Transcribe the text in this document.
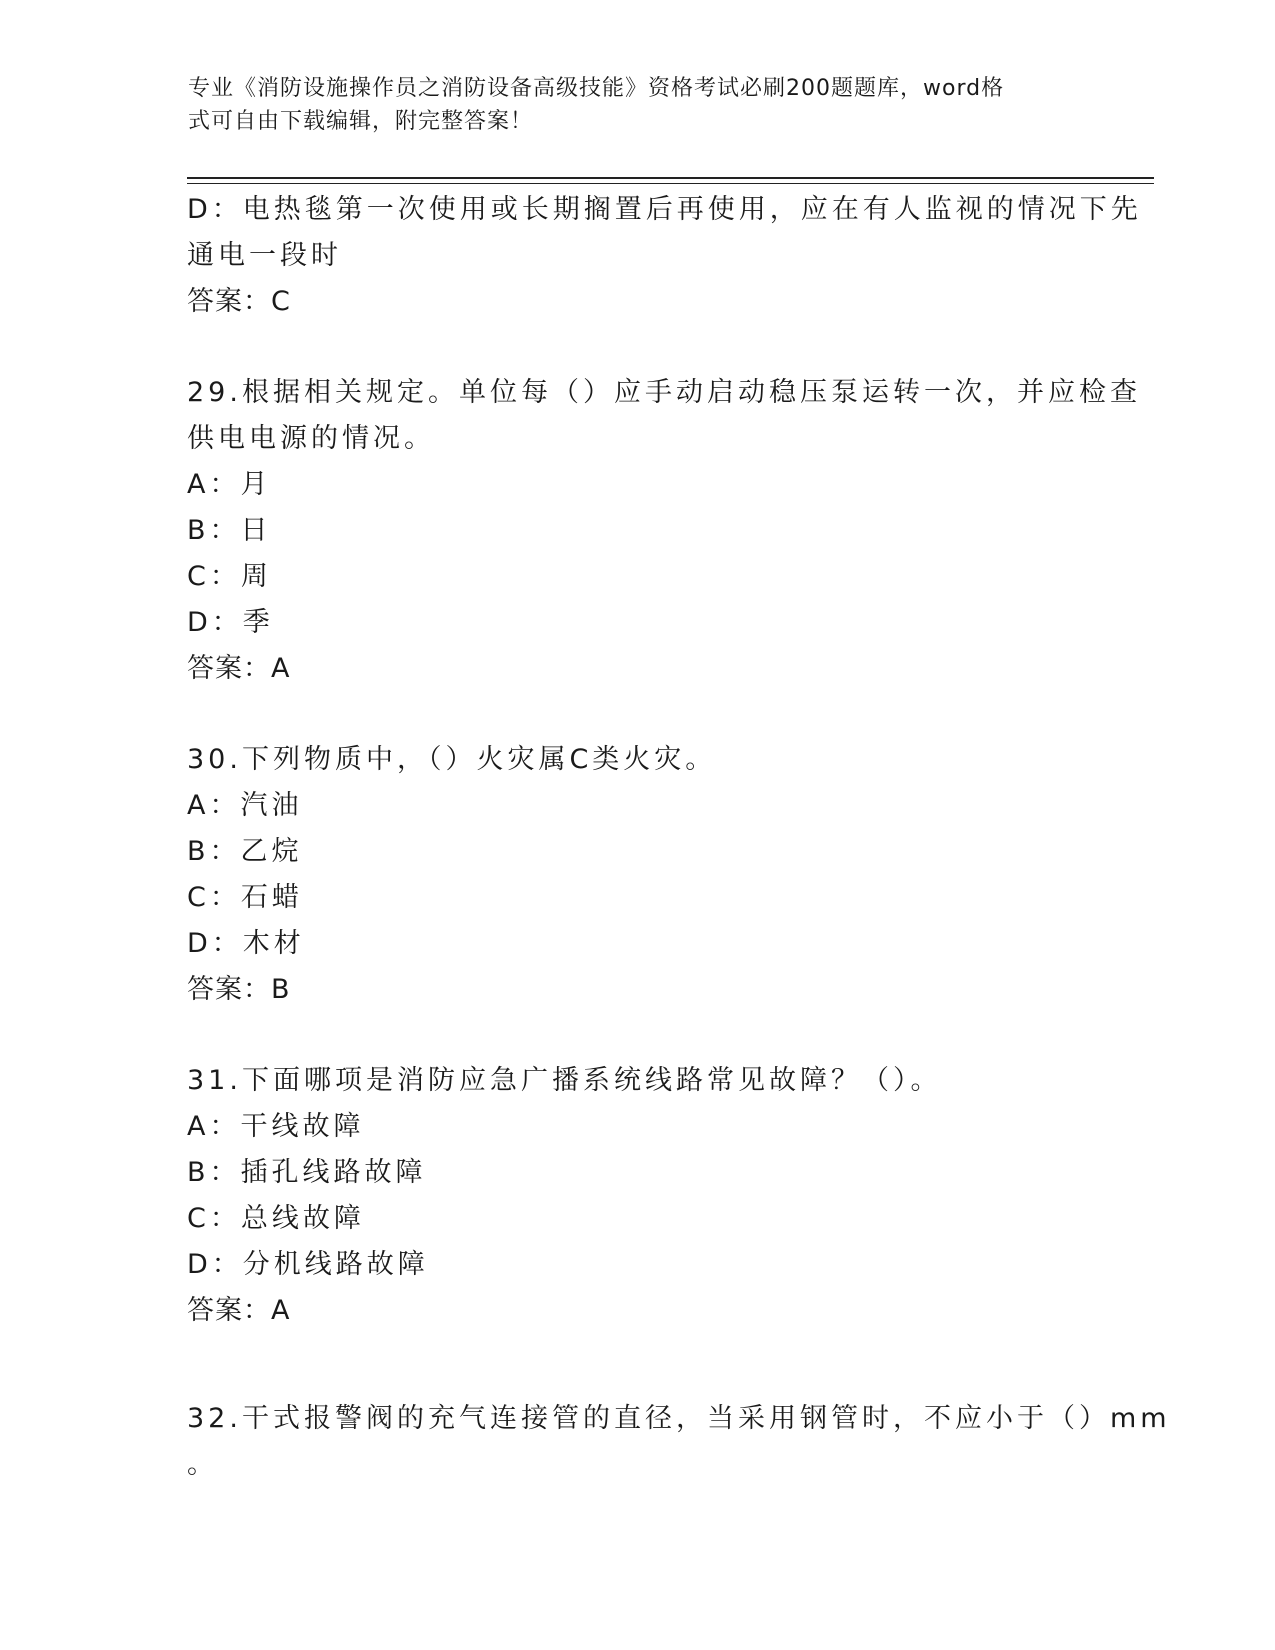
专业《消防设施操作员之消防设备高级技能》资格考试必刷200题题库，word格
式可自由下载编辑，附完整答案！
D：电热毯第一次使用或长期搁置后再使用，应在有人监视的情况下先
通电一段时
答案：C
29.根据相关规定。单位每（）应手动启动稳压泵运转一次，并应检查
供电电源的情况。
A：月
B：日
C：周
D：季
答案：A
30.下列物质中，（）火灾属C类火灾。
A：汽油
B：乙烷
C：石蜡
D：木材
答案：B
31.下面哪项是消防应急广播系统线路常见故障？（）。
A：干线故障
B：插孔线路故障
C：总线故障
D：分机线路故障
答案：A
32.干式报警阀的充气连接管的直径，当采用钢管时，不应小于（）mm
。
